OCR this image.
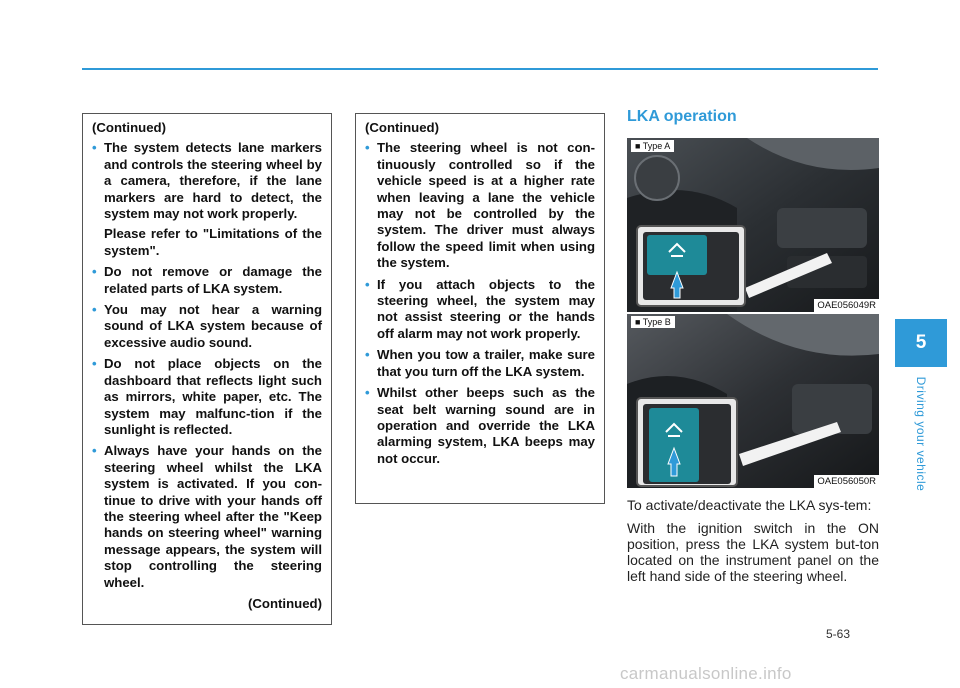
(Continued)
• The system detects lane markers and controls the steering wheel by a camera, therefore, if the lane markers are hard to detect, the system may not work properly.
Please refer to "Limitations of the system".
• Do not remove or damage the related parts of LKA system.
• You may not hear a warning sound of LKA system because of excessive audio sound.
• Do not place objects on the dashboard that reflects light such as mirrors, white paper, etc. The system may malfunc-tion if the sunlight is reflected.
• Always have your hands on the steering wheel whilst the LKA system is activated. If you con-tinue to drive with your hands off the steering wheel after the "Keep hands on steering wheel" warning message appears, the system will stop controlling the steering wheel.
(Continued)
(Continued)
• The steering wheel is not con-tinuously controlled so if the vehicle speed is at a higher rate when leaving a lane the vehicle may not be controlled by the system. The driver must always follow the speed limit when using the system.
• If you attach objects to the steering wheel, the system may not assist steering or the hands off alarm may not work properly.
• When you tow a trailer, make sure that you turn off the LKA system.
• Whilst other beeps such as the seat belt warning sound are in operation and override the LKA alarming system, LKA beeps may not occur.
LKA operation
■ Type A
OAE056049R
■ Type B
OAE056050R

To activate/deactivate the LKA sys-tem:

With the ignition switch in the ON position, press the LKA system but-ton located on the instrument panel on the left hand side of the steering wheel.

5
Driving your vehicle
5-63
carmanualsonline.info
